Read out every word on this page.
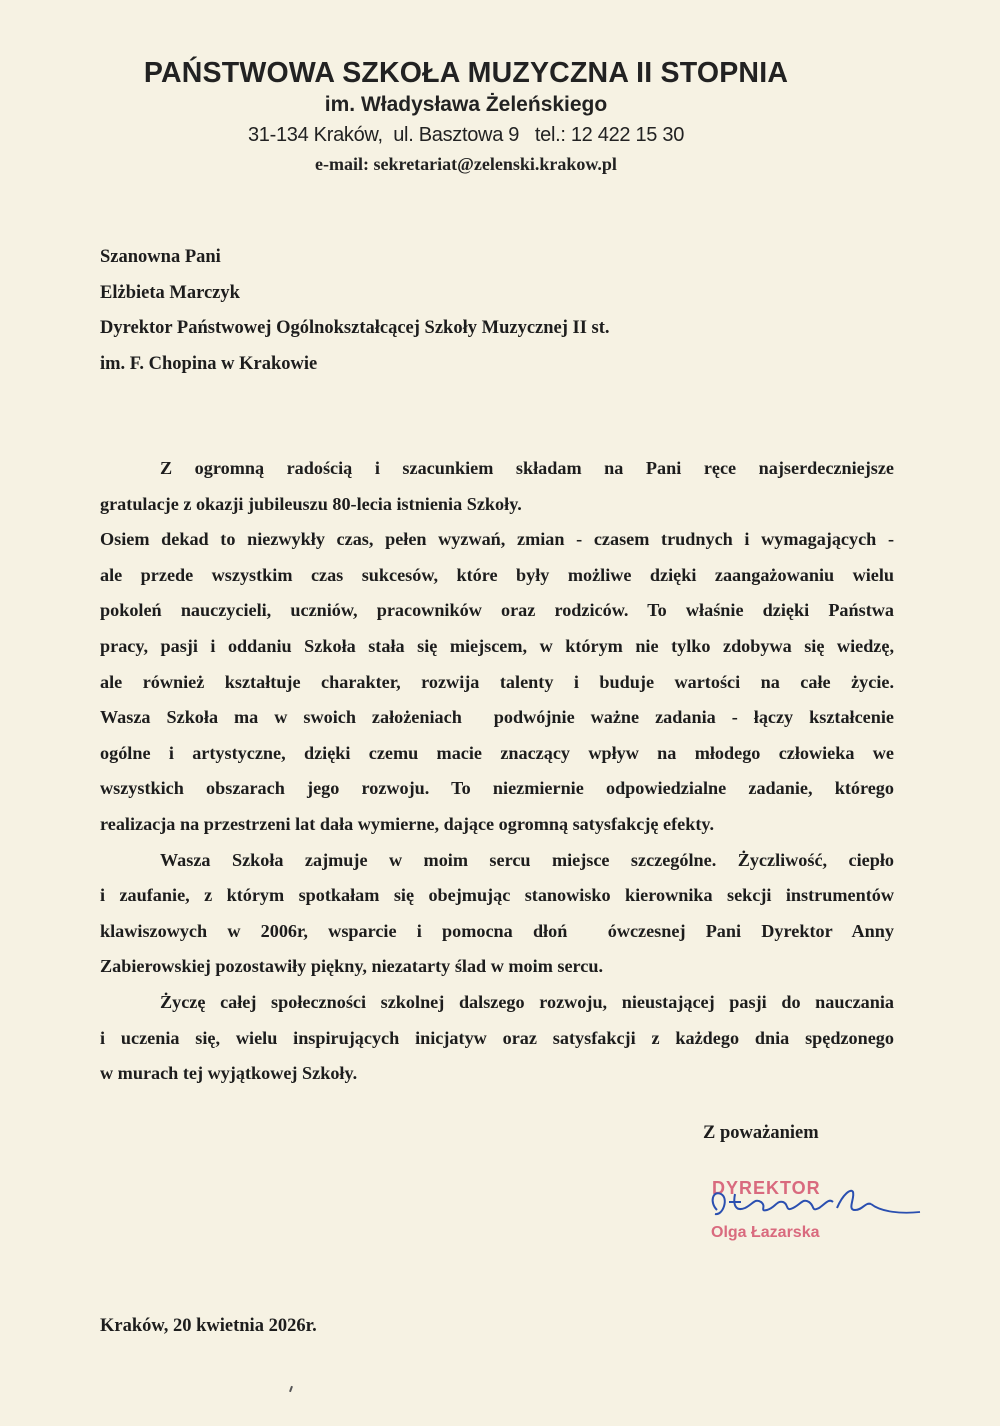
PAŃSTWOWA SZKOŁA MUZYCZNA II STOPNIA
im. Władysława Żeleńskiego
31-134 Kraków,  ul. Basztowa 9   tel.: 12 422 15 30
e-mail: sekretariat@zelenski.krakow.pl
Szanowna Pani
Elżbieta Marczyk
Dyrektor Państwowej Ogólnokształcącej Szkoły Muzycznej II st.
im. F. Chopina w Krakowie

Z ogromną radością i szacunkiem składam na Pani ręce najserdeczniejsze

gratulacje z okazji jubileuszu 80-lecia istnienia Szkoły.

Osiem dekad to niezwykły czas, pełen wyzwań, zmian - czasem trudnych i wymagających -

ale przede wszystkim czas sukcesów, które były możliwe dzięki zaangażowaniu wielu

pokoleń nauczycieli, uczniów, pracowników oraz rodziców. To właśnie dzięki Państwa

pracy, pasji i oddaniu Szkoła stała się miejscem, w którym nie tylko zdobywa się wiedzę,

ale również kształtuje charakter, rozwija talenty i buduje wartości na całe życie.

Wasza Szkoła ma w swoich założeniach  podwójnie ważne zadania - łączy kształcenie

ogólne i artystyczne, dzięki czemu macie znaczący wpływ na młodego człowieka we

wszystkich obszarach jego rozwoju. To niezmiernie odpowiedzialne zadanie, którego

realizacja na przestrzeni lat dała wymierne, dające ogromną satysfakcję efekty.

Wasza Szkoła zajmuje w moim sercu miejsce szczególne. Życzliwość, ciepło

i zaufanie, z którym spotkałam się obejmując stanowisko kierownika sekcji instrumentów

klawiszowych w 2006r, wsparcie i pomocna dłoń  ówczesnej Pani Dyrektor Anny

Zabierowskiej pozostawiły piękny, niezatarty ślad w moim sercu.

Życzę całej społeczności szkolnej dalszego rozwoju, nieustającej pasji do nauczania

i uczenia się, wielu inspirujących inicjatyw oraz satysfakcji z każdego dnia spędzonego

w murach tej wyjątkowej Szkoły.

Z poważaniem
DYREKTOR
Olga Łazarska
Kraków, 20 kwietnia 2026r.
